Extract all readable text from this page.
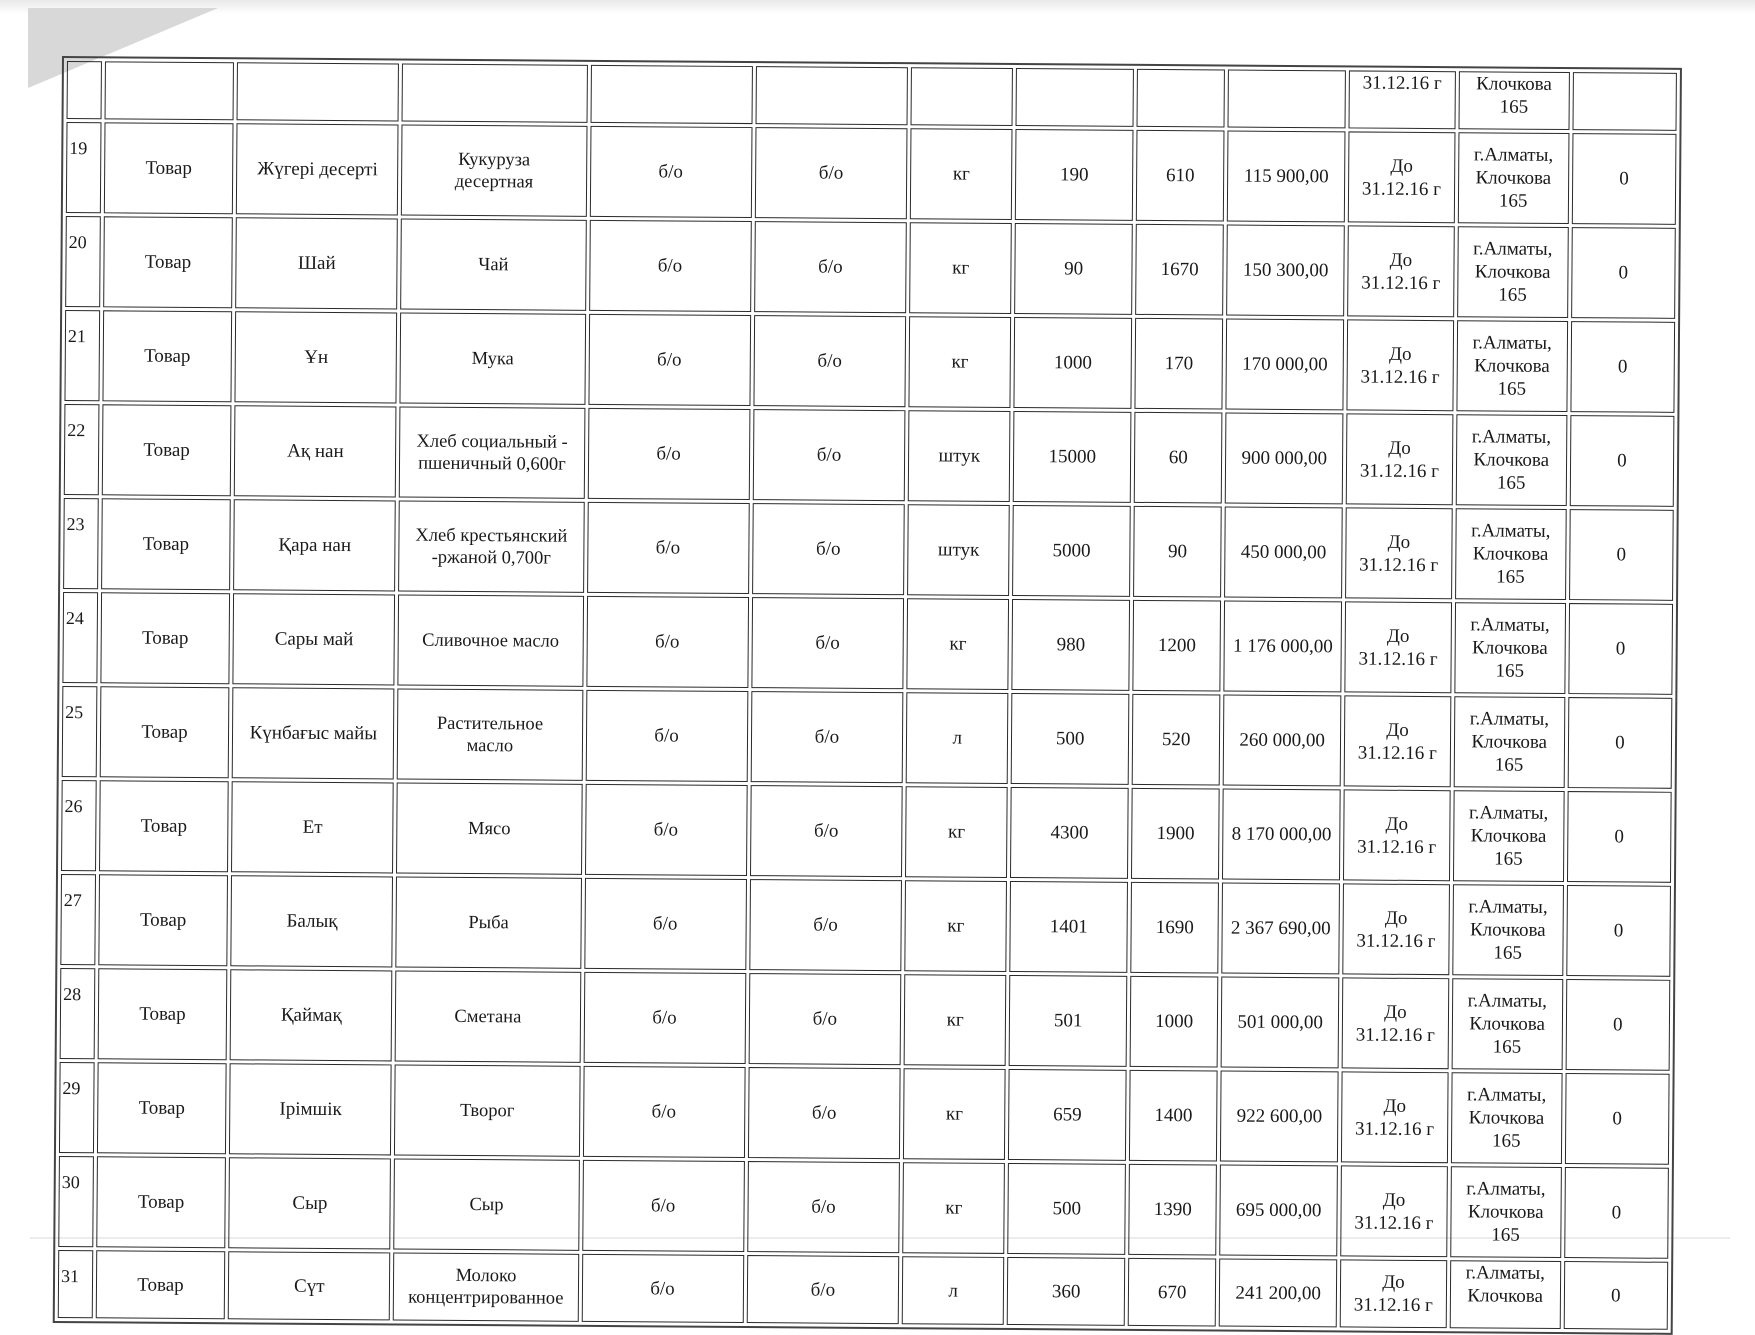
										31.12.16 г	Клочкова
165	

19	Товар	Жүгері десерті	Кукуруза
десертная	б/о	б/о	кг	190	610	115 900,00	До
31.12.16 г	г.Алматы,
Клочкова
165	0

20	Товар	Шай	Чай	б/о	б/о	кг	90	1670	150 300,00	До
31.12.16 г	г.Алматы,
Клочкова
165	0

21	Товар	Ұн	Мука	б/о	б/о	кг	1000	170	170 000,00	До
31.12.16 г	г.Алматы,
Клочкова
165	0

22	Товар	Ақ нан	Хлеб социальный -
пшеничный 0,600г	б/о	б/о	штук	15000	60	900 000,00	До
31.12.16 г	г.Алматы,
Клочкова
165	0

23	Товар	Қара нан	Хлеб крестьянский
-ржаной 0,700г	б/о	б/о	штук	5000	90	450 000,00	До
31.12.16 г	г.Алматы,
Клочкова
165	0

24	Товар	Сары май	Сливочное масло	б/о	б/о	кг	980	1200	1 176 000,00	До
31.12.16 г	г.Алматы,
Клочкова
165	0

25	Товар	Күнбағыс майы	Растительное
масло	б/о	б/о	л	500	520	260 000,00	До
31.12.16 г	г.Алматы,
Клочкова
165	0

26	Товар	Ет	Мясо	б/о	б/о	кг	4300	1900	8 170 000,00	До
31.12.16 г	г.Алматы,
Клочкова
165	0

27	Товар	Балық	Рыба	б/о	б/о	кг	1401	1690	2 367 690,00	До
31.12.16 г	г.Алматы,
Клочкова
165	0

28	Товар	Қаймақ	Сметана	б/о	б/о	кг	501	1000	501 000,00	До
31.12.16 г	г.Алматы,
Клочкова
165	0

29	Товар	Ірімшік	Творог	б/о	б/о	кг	659	1400	922 600,00	До
31.12.16 г	г.Алматы,
Клочкова
165	0

30	Товар	Сыр	Сыр	б/о	б/о	кг	500	1390	695 000,00	До
31.12.16 г	г.Алматы,
Клочкова
165	0

31	Товар	Сүт	Молоко
концентрированное	б/о	б/о	л	360	670	241 200,00	До
31.12.16 г	г.Алматы,
Клочкова	0
